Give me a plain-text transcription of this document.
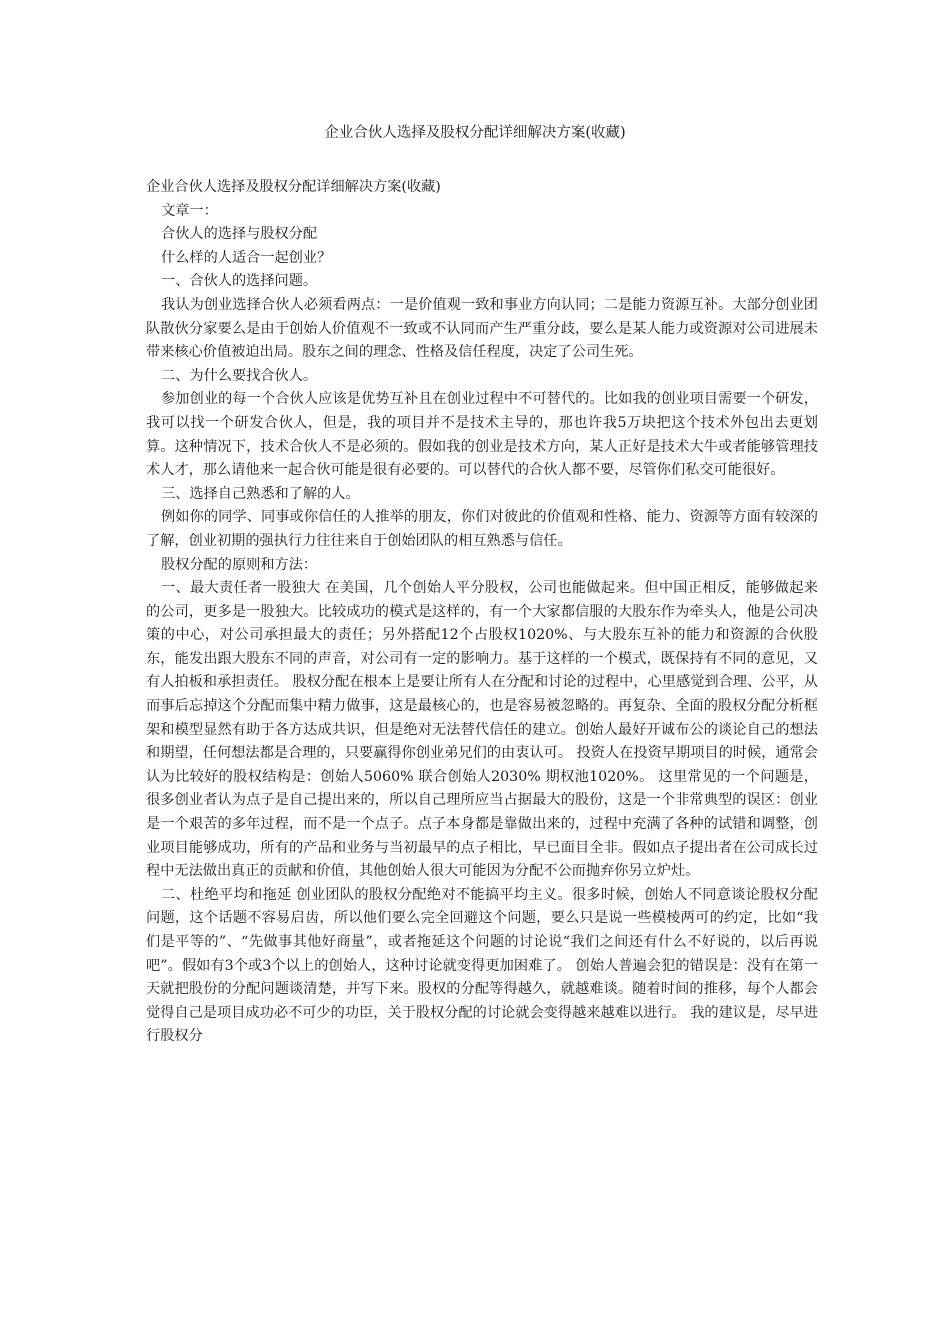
企业合伙人选择及股权分配详细解决方案(收藏)

企业合伙人选择及股权分配详细解决方案(收藏)

文章一：

合伙人的选择与股权分配

什么样的人适合一起创业？

一、合伙人的选择问题。

我认为创业选择合伙人必须看两点：一是价值观一致和事业方向认同；二是能力资源互补。大部分创业团队散伙分家要么是由于创始人价值观不一致或不认同而产生严重分歧，要么是某人能力或资源对公司进展未带来核心价值被迫出局。股东之间的理念、性格及信任程度，决定了公司生死。

二、为什么要找合伙人。

参加创业的每一个合伙人应该是优势互补且在创业过程中不可替代的。比如我的创业项目需要一个研发，我可以找一个研发合伙人，但是，我的项目并不是技术主导的，那也许我5万块把这个技术外包出去更划算。这种情况下，技术合伙人不是必须的。假如我的创业是技术方向，某人正好是技术大牛或者能够管理技术人才，那么请他来一起合伙可能是很有必要的。可以替代的合伙人都不要，尽管你们私交可能很好。

三、选择自己熟悉和了解的人。

例如你的同学、同事或你信任的人推举的朋友，你们对彼此的价值观和性格、能力、资源等方面有较深的了解，创业初期的强执行力往往来自于创始团队的相互熟悉与信任。

股权分配的原则和方法：

一、最大责任者一股独大 在美国，几个创始人平分股权，公司也能做起来。但中国正相反，能够做起来的公司，更多是一股独大。比较成功的模式是这样的，有一个大家都信服的大股东作为牵头人，他是公司决策的中心，对公司承担最大的责任；另外搭配12个占股权1020%、与大股东互补的能力和资源的合伙股东，能发出跟大股东不同的声音，对公司有一定的影响力。基于这样的一个模式，既保持有不同的意见，又有人拍板和承担责任。 股权分配在根本上是要让所有人在分配和讨论的过程中，心里感觉到合理、公平，从而事后忘掉这个分配而集中精力做事，这是最核心的，也是容易被忽略的。再复杂、全面的股权分配分析框架和模型显然有助于各方达成共识，但是绝对无法替代信任的建立。创始人最好开诚布公的谈论自己的想法和期望，任何想法都是合理的，只要赢得你创业弟兄们的由衷认可。 投资人在投资早期项目的时候，通常会认为比较好的股权结构是：创始人5060% 联合创始人2030% 期权池1020%。 这里常见的一个问题是，很多创业者认为点子是自己提出来的，所以自己理所应当占据最大的股份，这是一个非常典型的误区：创业是一个艰苦的多年过程，而不是一个点子。点子本身都是靠做出来的，过程中充满了各种的试错和调整，创业项目能够成功，所有的产品和业务与当初最早的点子相比，早已面目全非。假如点子提出者在公司成长过程中无法做出真正的贡献和价值，其他创始人很大可能因为分配不公而抛弃你另立炉灶。

二、杜绝平均和拖延 创业团队的股权分配绝对不能搞平均主义。很多时候，创始人不同意谈论股权分配问题，这个话题不容易启齿，所以他们要么完全回避这个问题，要么只是说一些模棱两可的约定，比如“我们是平等的”、“先做事其他好商量”，或者拖延这个问题的讨论说“我们之间还有什么不好说的，以后再说吧”。假如有3个或3个以上的创始人，这种讨论就变得更加困难了。 创始人普遍会犯的错误是：没有在第一天就把股份的分配问题谈清楚，并写下来。股权的分配等得越久，就越难谈。随着时间的推移，每个人都会觉得自己是项目成功必不可少的功臣，关于股权分配的讨论就会变得越来越难以进行。 我的建议是，尽早进行股权分
